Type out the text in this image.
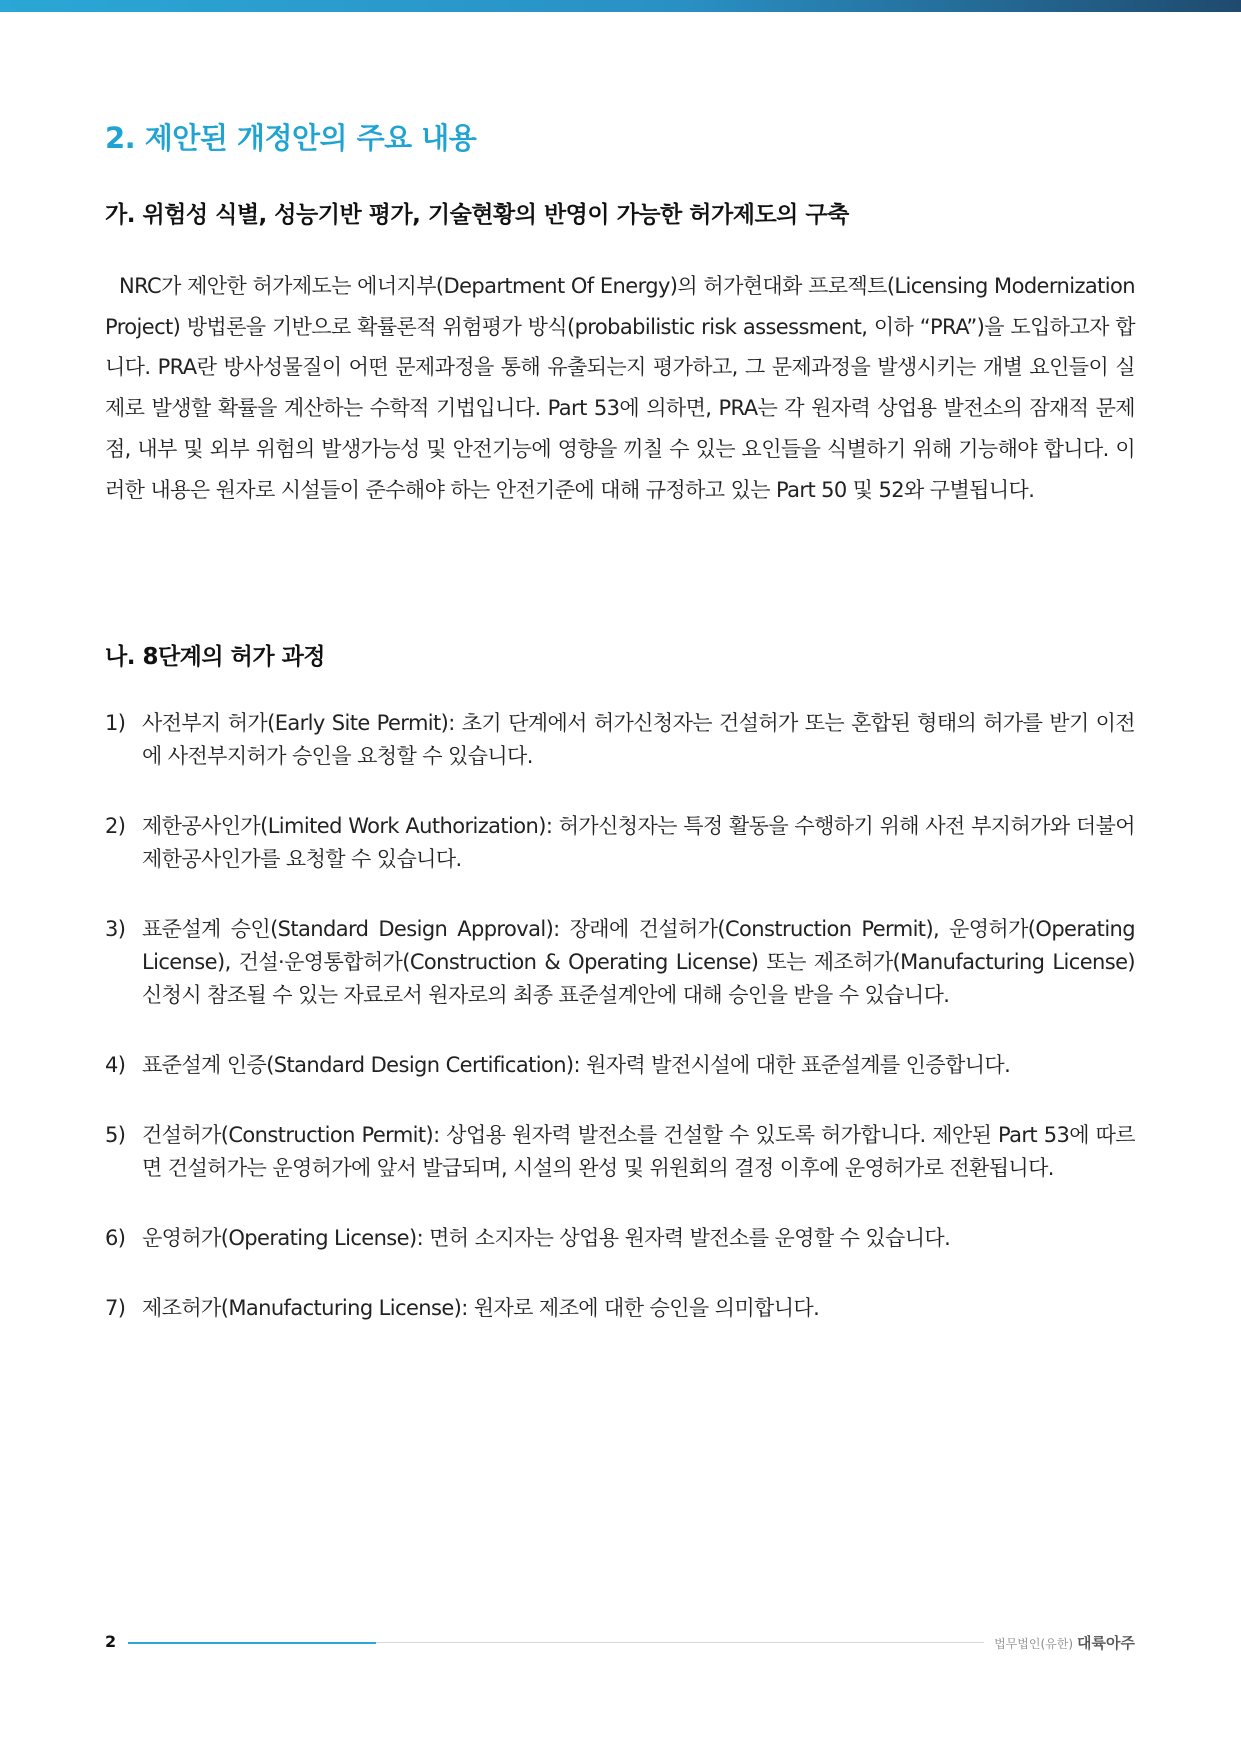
2. 제안된 개정안의 주요 내용
가. 위험성 식별, 성능기반 평가, 기술현황의 반영이 가능한 허가제도의 구축

NRC가 제안한 허가제도는 에너지부(Department Of Energy)의 허가현대화 프로젝트(Licensing Modernization Project) 방법론을 기반으로 확률론적 위험평가 방식(probabilistic risk assessment, 이하 “PRA”)을 도입하고자 합니다. PRA란 방사성물질이 어떤 문제과정을 통해 유출되는지 평가하고, 그 문제과정을 발생시키는 개별 요인들이 실제로 발생할 확률을 계산하는 수학적 기법입니다. Part 53에 의하면, PRA는 각 원자력 상업용 발전소의 잠재적 문제점, 내부 및 외부 위험의 발생가능성 및 안전기능에 영향을 끼칠 수 있는 요인들을 식별하기 위해 기능해야 합니다. 이러한 내용은 원자로 시설들이 준수해야 하는 안전기준에 대해 규정하고 있는 Part 50 및 52와 구별됩니다.

나. 8단계의 허가 과정
1) 사전부지 허가(Early Site Permit): 초기 단계에서 허가신청자는 건설허가 또는 혼합된 형태의 허가를 받기 이전에 사전부지허가 승인을 요청할 수 있습니다.
2) 제한공사인가(Limited Work Authorization): 허가신청자는 특정 활동을 수행하기 위해 사전 부지허가와 더불어 제한공사인가를 요청할 수 있습니다.
3) 표준설계 승인(Standard Design Approval): 장래에 건설허가(Construction Permit), 운영허가(Operating License), 건설·운영통합허가(Construction & Operating License) 또는 제조허가(Manufacturing License) 신청시 참조될 수 있는 자료로서 원자로의 최종 표준설계안에 대해 승인을 받을 수 있습니다.
4) 표준설계 인증(Standard Design Certification): 원자력 발전시설에 대한 표준설계를 인증합니다.
5) 건설허가(Construction Permit): 상업용 원자력 발전소를 건설할 수 있도록 허가합니다. 제안된 Part 53에 따르면 건설허가는 운영허가에 앞서 발급되며, 시설의 완성 및 위원회의 결정 이후에 운영허가로 전환됩니다.
6) 운영허가(Operating License): 면허 소지자는 상업용 원자력 발전소를 운영할 수 있습니다.
7) 제조허가(Manufacturing License): 원자로 제조에 대한 승인을 의미합니다.
2	법무법인(유한) 대륙아주
